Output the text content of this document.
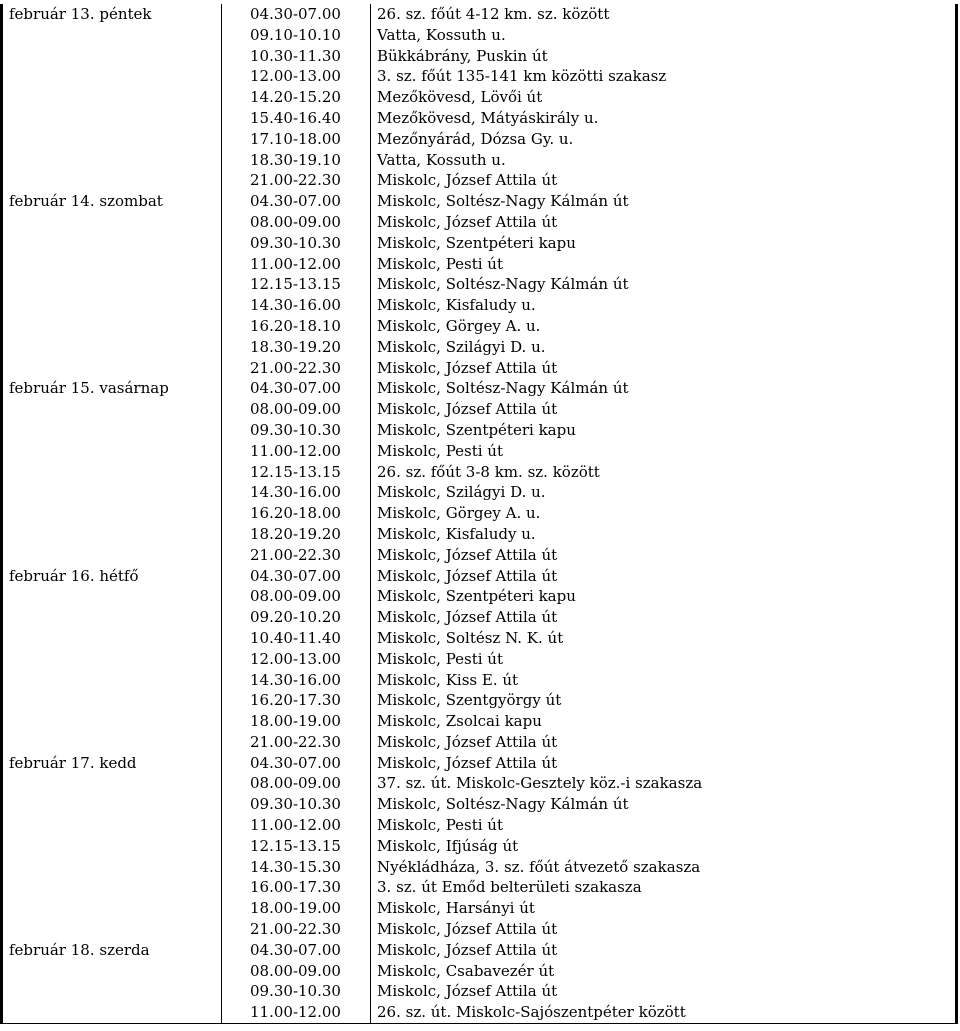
február 13. péntek	04.30-07.00	26. sz. főút 4-12 km. sz. között
	09.10-10.10	Vatta, Kossuth u.
	10.30-11.30	Bükkábrány, Puskin út
	12.00-13.00	3. sz. főút 135-141 km közötti szakasz
	14.20-15.20	Mezőkövesd, Lövői út
	15.40-16.40	Mezőkövesd, Mátyáskirály u.
	17.10-18.00	Mezőnyárád, Dózsa Gy. u.
	18.30-19.10	Vatta, Kossuth u.
	21.00-22.30	Miskolc, József Attila út
február 14. szombat	04.30-07.00	Miskolc, Soltész-Nagy Kálmán út
	08.00-09.00	Miskolc, József Attila út
	09.30-10.30	Miskolc, Szentpéteri kapu
	11.00-12.00	Miskolc, Pesti út
	12.15-13.15	Miskolc, Soltész-Nagy Kálmán út
	14.30-16.00	Miskolc, Kisfaludy u.
	16.20-18.10	Miskolc, Görgey A. u.
	18.30-19.20	Miskolc, Szilágyi D. u.
	21.00-22.30	Miskolc, József Attila út
február 15. vasárnap	04.30-07.00	Miskolc, Soltész-Nagy Kálmán út
	08.00-09.00	Miskolc, József Attila út
	09.30-10.30	Miskolc, Szentpéteri kapu
	11.00-12.00	Miskolc, Pesti út
	12.15-13.15	26. sz. főút 3-8 km. sz. között
	14.30-16.00	Miskolc, Szilágyi D. u.
	16.20-18.00	Miskolc, Görgey A. u.
	18.20-19.20	Miskolc, Kisfaludy u.
	21.00-22.30	Miskolc, József Attila út
február 16. hétfő	04.30-07.00	Miskolc, József Attila út
	08.00-09.00	Miskolc, Szentpéteri kapu
	09.20-10.20	Miskolc, József Attila út
	10.40-11.40	Miskolc, Soltész N. K. út
	12.00-13.00	Miskolc, Pesti út
	14.30-16.00	Miskolc, Kiss E. út
	16.20-17.30	Miskolc, Szentgyörgy út
	18.00-19.00	Miskolc, Zsolcai kapu
	21.00-22.30	Miskolc, József Attila út
február 17. kedd	04.30-07.00	Miskolc, József Attila út
	08.00-09.00	37. sz. út. Miskolc-Gesztely köz.-i szakasza
	09.30-10.30	Miskolc, Soltész-Nagy Kálmán út
	11.00-12.00	Miskolc, Pesti út
	12.15-13.15	Miskolc, Ifjúság út
	14.30-15.30	Nyékládháza, 3. sz. főút átvezető szakasza
	16.00-17.30	3. sz. út Emőd belterületi szakasza
	18.00-19.00	Miskolc, Harsányi út
	21.00-22.30	Miskolc, József Attila út
február 18. szerda	04.30-07.00	Miskolc, József Attila út
	08.00-09.00	Miskolc, Csabavezér út
	09.30-10.30	Miskolc, József Attila út
	11.00-12.00	26. sz. út. Miskolc-Sajószentpéter között
